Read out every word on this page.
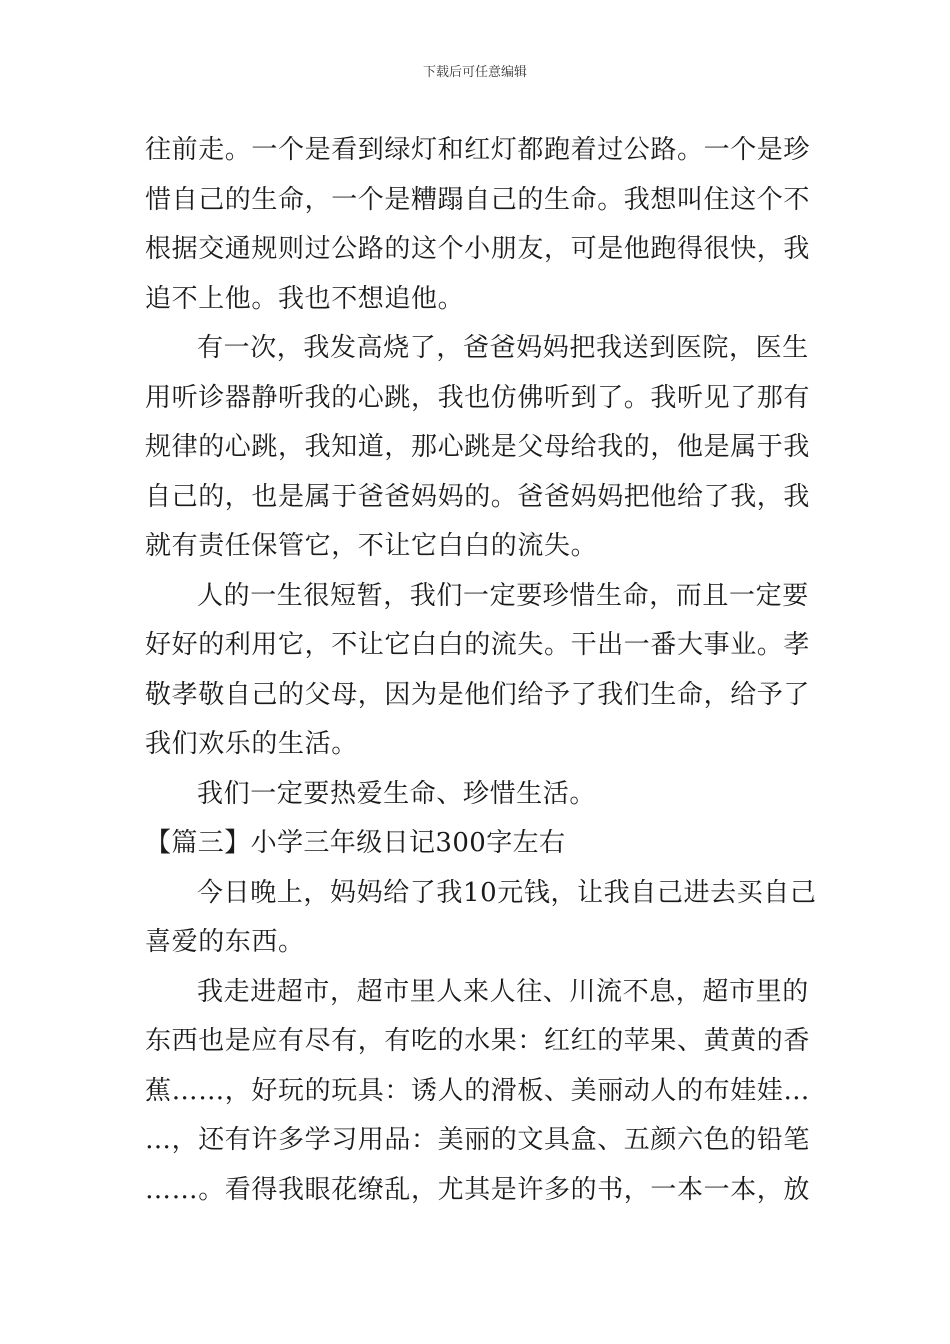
下载后可任意编辑
往前走。一个是看到绿灯和红灯都跑着过公路。一个是珍
惜自己的生命，一个是糟蹋自己的生命。我想叫住这个不
根据交通规则过公路的这个小朋友，可是他跑得很快，我
追不上他。我也不想追他。
有一次，我发高烧了，爸爸妈妈把我送到医院，医生
用听诊器静听我的心跳，我也仿佛听到了。我听见了那有
规律的心跳，我知道，那心跳是父母给我的，他是属于我
自己的，也是属于爸爸妈妈的。爸爸妈妈把他给了我，我
就有责任保管它，不让它白白的流失。
人的一生很短暂，我们一定要珍惜生命，而且一定要
好好的利用它，不让它白白的流失。干出一番大事业。孝
敬孝敬自己的父母，因为是他们给予了我们生命，给予了
我们欢乐的生活。
我们一定要热爱生命、珍惜生活。
【篇三】小学三年级日记300字左右
今日晚上，妈妈给了我10元钱，让我自己进去买自己
喜爱的东西。
我走进超市，超市里人来人往、川流不息，超市里的
东西也是应有尽有，有吃的水果：红红的苹果、黄黄的香
蕉……，好玩的玩具：诱人的滑板、美丽动人的布娃娃…
…，还有许多学习用品：美丽的文具盒、五颜六色的铅笔
……。看得我眼花缭乱，尤其是许多的书，一本一本，放
